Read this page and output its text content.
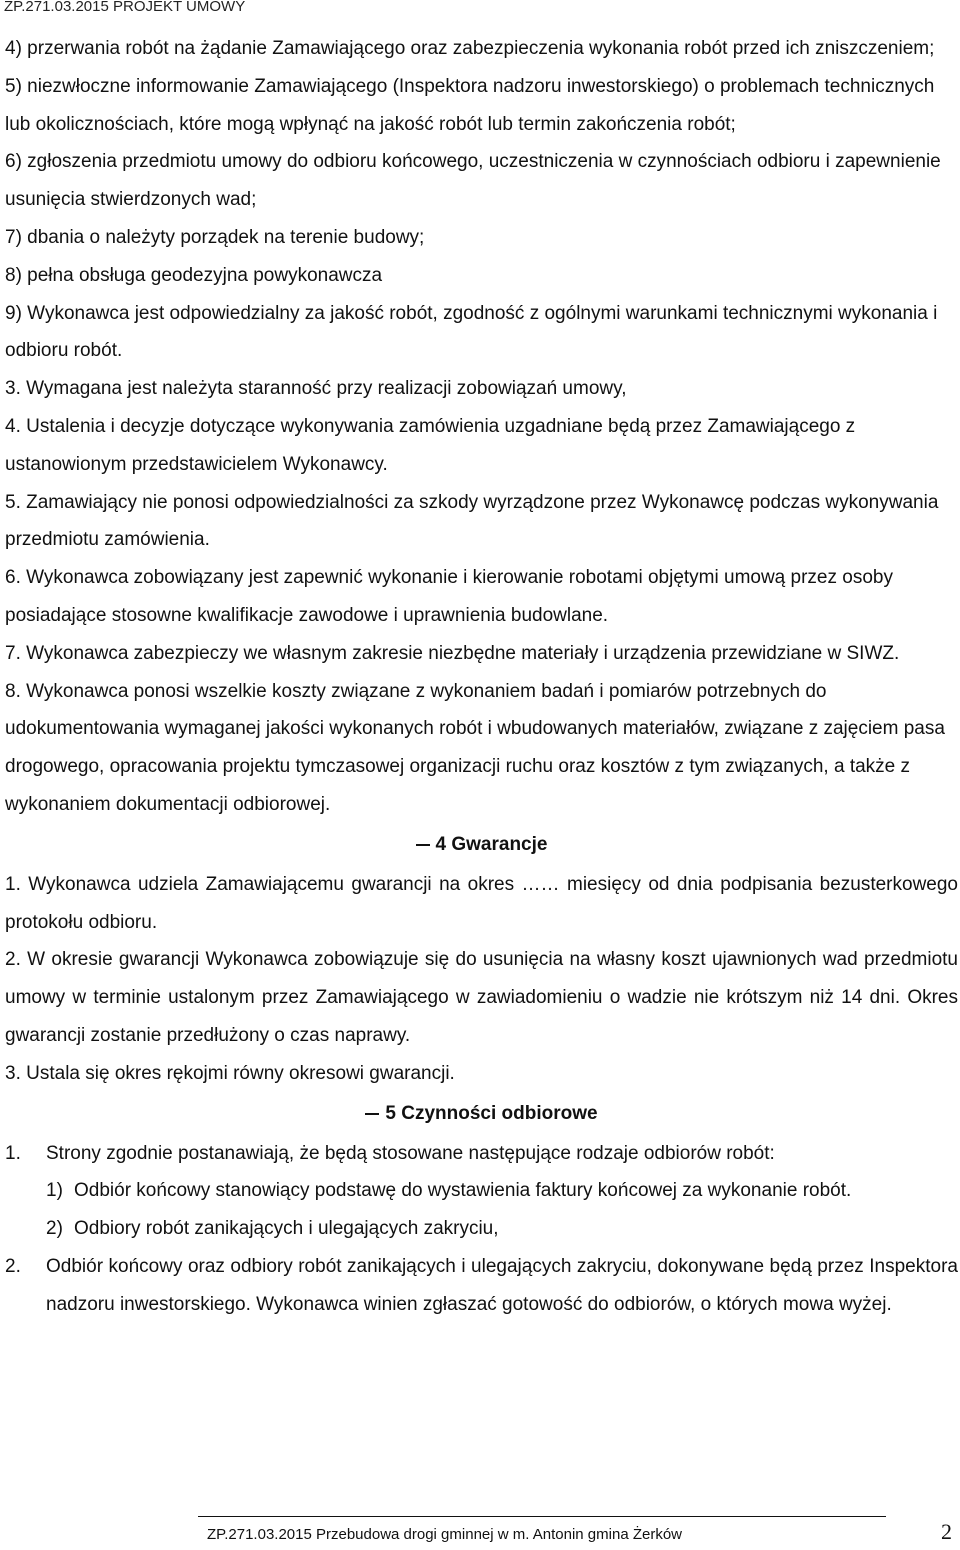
ZP.271.03.2015 PROJEKT UMOWY
4) przerwania robót na żądanie Zamawiającego oraz zabezpieczenia wykonania robót przed ich zniszczeniem;
5) niezwłoczne informowanie Zamawiającego (Inspektora nadzoru inwestorskiego) o problemach technicznych lub okolicznościach, które mogą wpłynąć na jakość robót lub termin zakończenia robót;
6) zgłoszenia przedmiotu umowy do odbioru końcowego, uczestniczenia w czynnościach odbioru i zapewnienie usunięcia stwierdzonych wad;
7) dbania o należyty porządek na terenie budowy;
8) pełna obsługa geodezyjna powykonawcza
9) Wykonawca jest odpowiedzialny za jakość robót, zgodność z ogólnymi warunkami technicznymi wykonania i odbioru robót.
3. Wymagana jest należyta staranność przy realizacji zobowiązań umowy,
4. Ustalenia i decyzje dotyczące wykonywania zamówienia uzgadniane będą przez Zamawiającego z ustanowionym przedstawicielem Wykonawcy.
5. Zamawiający nie ponosi odpowiedzialności za szkody wyrządzone przez Wykonawcę podczas wykonywania przedmiotu zamówienia.
6. Wykonawca zobowiązany jest zapewnić wykonanie i kierowanie robotami objętymi umową przez osoby posiadające stosowne kwalifikacje zawodowe i uprawnienia budowlane.
7. Wykonawca zabezpieczy we własnym zakresie niezbędne materiały i urządzenia przewidziane w SIWZ.
8. Wykonawca ponosi wszelkie koszty związane z wykonaniem badań i pomiarów potrzebnych do udokumentowania wymaganej jakości wykonanych robót i wbudowanych materiałów, związane z zajęciem pasa drogowego, opracowania projektu tymczasowej organizacji ruchu oraz kosztów z tym związanych, a także z wykonaniem dokumentacji odbiorowej.
4 Gwarancje
1. Wykonawca udziela Zamawiającemu gwarancji na okres …… miesięcy od dnia podpisania bezusterkowego protokołu odbioru.
2. W okresie gwarancji Wykonawca zobowiązuje się do usunięcia na własny koszt ujawnionych wad przedmiotu umowy w terminie ustalonym przez Zamawiającego w zawiadomieniu o wadzie nie krótszym niż 14 dni. Okres gwarancji zostanie przedłużony o czas naprawy.
3. Ustala się okres rękojmi równy okresowi gwarancji.
5 Czynności odbiorowe
1. Strony zgodnie postanawiają, że będą stosowane następujące rodzaje odbiorów robót:
1) Odbiór końcowy stanowiący podstawę do wystawienia faktury końcowej za wykonanie robót.
2) Odbiory robót zanikających i ulegających zakryciu,
2. Odbiór końcowy oraz odbiory robót zanikających i ulegających zakryciu, dokonywane będą przez Inspektora nadzoru inwestorskiego. Wykonawca winien zgłaszać gotowość do odbiorów, o których mowa wyżej.
ZP.271.03.2015 Przebudowa drogi gminnej w m. Antonin gmina Żerków	2
